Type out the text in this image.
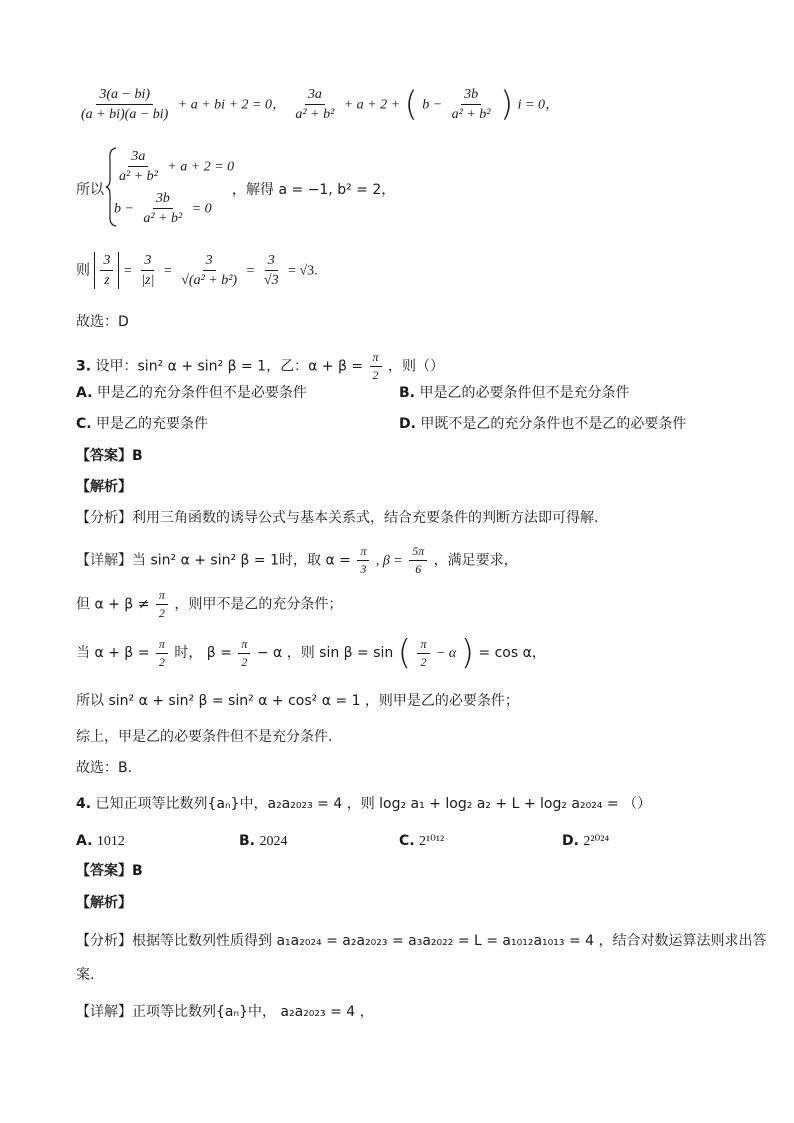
$\frac{3(a - bi)}{(a + bi)(a - bi)} + a$ + bi + 2 = 0， $\frac{3a}{\text{a² + b²}} + a + 2$ + ( $b - \frac{3b}{\text{a² + b²}}$ ) i = 0，
所以
$\frac{3a}{\text{a² + b²}} + a + 2 = 0$
$b - \frac{3b}{\text{a² + b²}} = 0$
，解得 a = −1, b² = 2，
则 $\frac{3}{z} = \frac{3}{|z|} = \frac{3}{\text{√(a² + b²)}} = \frac{3}{√3} = √3$.
故选：D
3. 设甲：sin² α + sin² β = 1，乙：$\alpha + \beta = \frac{\pi}{2}$ ，则（）
A. 甲是乙的充分条件但不是必要条件	B. 甲是乙的必要条件但不是充分条件
C. 甲是乙的充要条件	D. 甲既不是乙的充分条件也不是乙的必要条件
【答案】B
【解析】
【分析】利用三角函数的诱导公式与基本关系式，结合充要条件的判断方法即可得解.
【详解】当 sin² α + sin² β = 1时，取 $\alpha = \frac{\pi}{3}$ , $\beta = \frac{5\pi}{6}$ ，满足要求，
但 $\alpha + \beta \ne \frac{\pi}{2}$ ，则甲不是乙的充分条件；
当 $\alpha + \beta = \frac{\pi}{2}$ 时， $\beta = \frac{\pi}{2} - \alpha$ ，则 sin β = sin ( $\frac{\pi}{2} - \alpha$ ) = cos α，
所以 sin² α + sin² β = sin² α + cos² α = 1 ，则甲是乙的必要条件；
综上，甲是乙的必要条件但不是充分条件.
故选：B.
4. 已知正项等比数列{aₙ}中，a₂a₂₀₂₃ = 4 ，则 log₂ a₁ + log₂ a₂ + L + log₂ a₂₀₂₄ = （）
A. 1012	B. 2024	C. 2¹⁰¹²	D. 2²⁰²⁴
【答案】B
【解析】
【分析】根据等比数列性质得到 a₁a₂₀₂₄ = a₂a₂₀₂₃ = a₃a₂₀₂₂ = L = a₁₀₁₂a₁₀₁₃ = 4 ，结合对数运算法则求出答
案.
【详解】正项等比数列{aₙ}中， a₂a₂₀₂₃ = 4 ，
